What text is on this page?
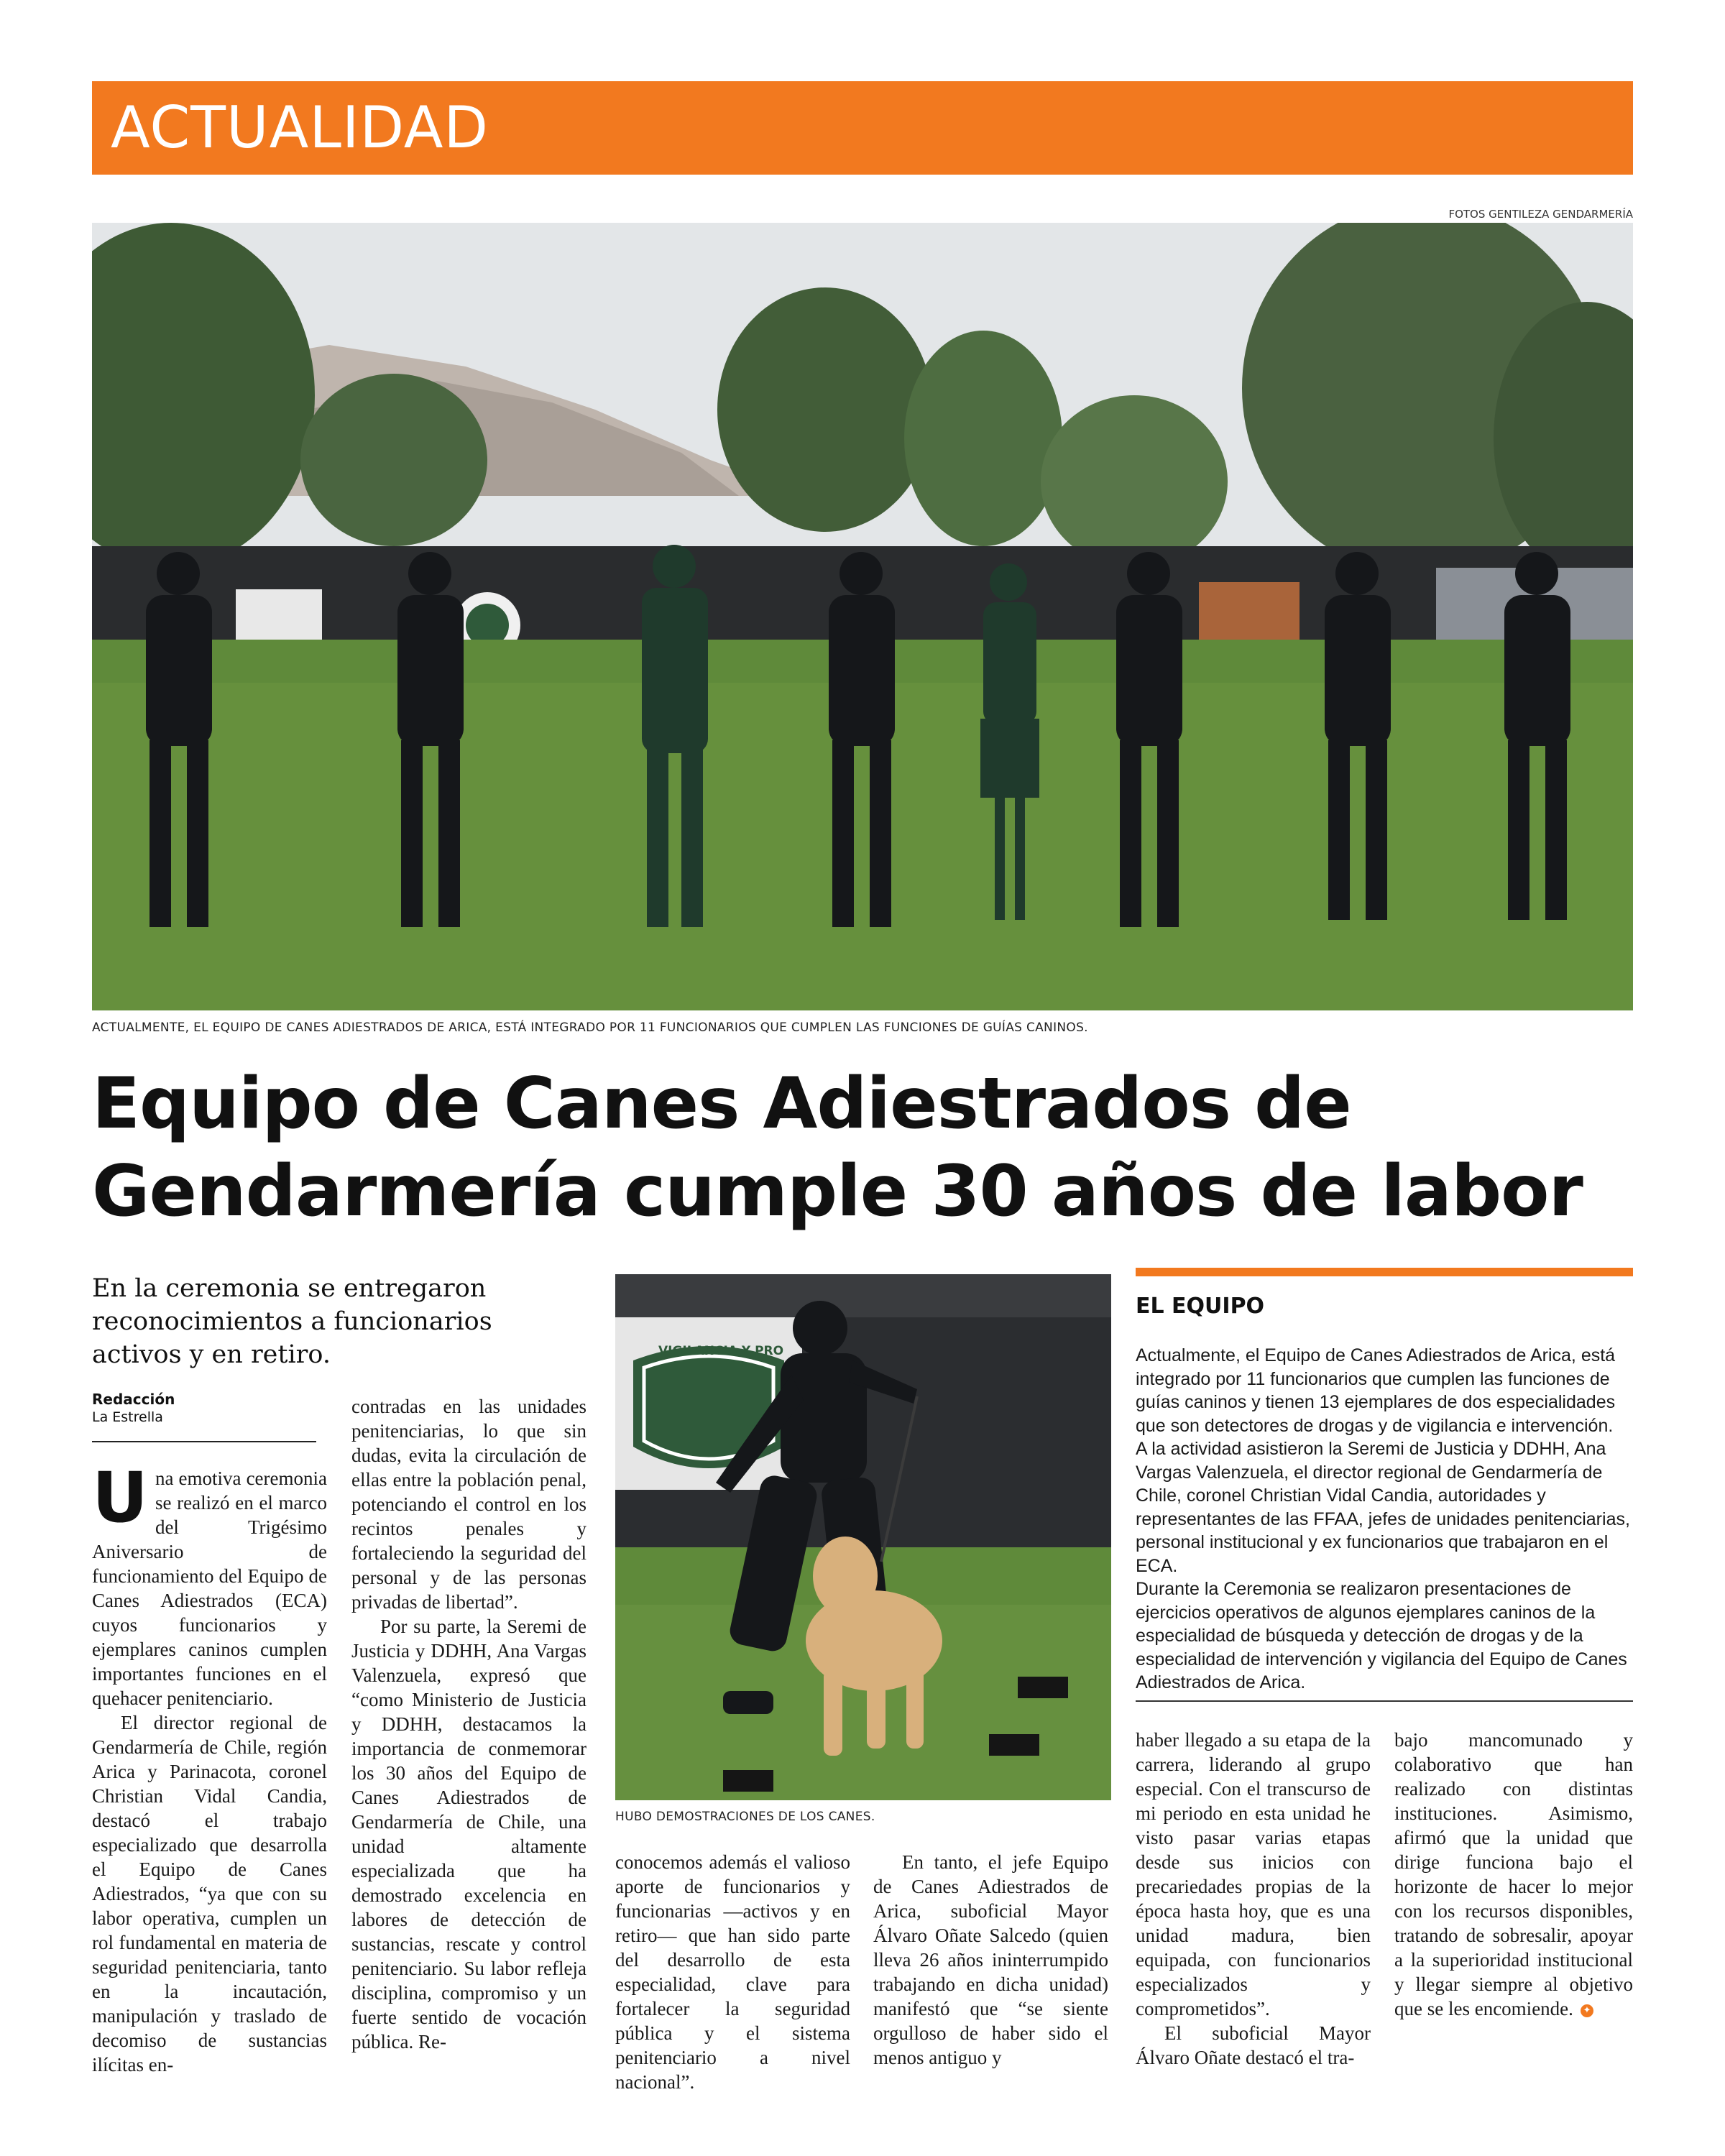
ACTUALIDAD
FOTOS GENTILEZA GENDARMERÍA
ACTUALMENTE, EL EQUIPO DE CANES ADIESTRADOS DE ARICA, ESTÁ INTEGRADO POR 11 FUNCIONARIOS QUE CUMPLEN LAS FUNCIONES DE GUÍAS CANINOS.
Equipo de Canes Adiestrados de
Gendarmería cumple 30 años de labor
En la ceremonia se entregaron reconocimientos a funcionarios activos y en retiro.
Redacción
La Estrella
VIGILANCIA Y PRO
HUBO DEMOSTRACIONES DE LOS CANES.
U na emotiva ceremonia se realizó en el marco del Trigésimo Aniversario de funcionamiento del Equipo de Canes Adiestrados (ECA) cuyos funcionarios y ejemplares caninos cumplen importantes funciones en el quehacer penitenciario.

El director regional de Gendarmería de Chile, región Arica y Parinacota, coronel Christian Vidal Candia, destacó el trabajo especializado que desarrolla el Equipo de Canes Adiestrados, “ya que con su labor operativa, cumplen un rol fundamental en materia de seguridad penitenciaria, tanto en la incautación, manipulación y traslado de decomiso de sustancias ilícitas en-

contradas en las unidades penitenciarias, lo que sin dudas, evita la circulación de ellas entre la población penal, potenciando el control en los recintos penales y fortaleciendo la seguridad del personal y de las personas privadas de libertad”.

Por su parte, la Seremi de Justicia y DDHH, Ana Vargas Valenzuela, expresó que “como Ministerio de Justicia y DDHH, destacamos la importancia de conmemorar los 30 años del Equipo de Canes Adiestrados de Gendarmería de Chile, una unidad altamente especializada que ha demostrado excelencia en labores de detección de sustancias, rescate y control penitenciario. Su labor refleja disciplina, compromiso y un fuerte sentido de vocación pública. Re-

conocemos además el valioso aporte de funcionarios y funcionarias —activos y en retiro— que han sido parte del desarrollo de esta especialidad, clave para fortalecer la seguridad pública y el sistema penitenciario a nivel nacional”.

En tanto, el jefe Equipo de Canes Adiestrados de Arica, suboficial Mayor Álvaro Oñate Salcedo (quien lleva 26 años ininterrumpido trabajando en dicha unidad) manifestó que “se siente orgulloso de haber sido el menos antiguo y

haber llegado a su etapa de la carrera, liderando al grupo especial. Con el transcurso de mi periodo en esta unidad he visto pasar varias etapas desde sus inicios con precariedades propias de la época hasta hoy, que es una unidad madura, bien equipada, con funcionarios especializados y comprometidos”.

El suboficial Mayor Álvaro Oñate destacó el tra-

bajo mancomunado y colaborativo que han realizado con distintas instituciones. Asimismo, afirmó que la unidad que dirige funciona bajo el horizonte de hacer lo mejor con los recursos disponibles, tratando de sobresalir, apoyar a la superioridad institucional y llegar siempre al objetivo que se les encomiende. ✦

EL EQUIPO

Actualmente, el Equipo de Canes Adiestrados de Arica, está integrado por 11 funcionarios que cumplen las funciones de guías caninos y tienen 13 ejemplares de dos especialidades que son detectores de drogas y de vigilancia e intervención.

A la actividad asistieron la Seremi de Justicia y DDHH, Ana Vargas Valenzuela, el director regional de Gendarmería de Chile, coronel Christian Vidal Candia, autoridades y representantes de las FFAA, jefes de unidades penitenciarias, personal institucional y ex funcionarios que trabajaron en el ECA.

Durante la Ceremonia se realizaron presentaciones de ejercicios operativos de algunos ejemplares caninos de la especialidad de búsqueda y detección de drogas y de la especialidad de intervención y vigilancia del Equipo de Canes Adiestrados de Arica.
